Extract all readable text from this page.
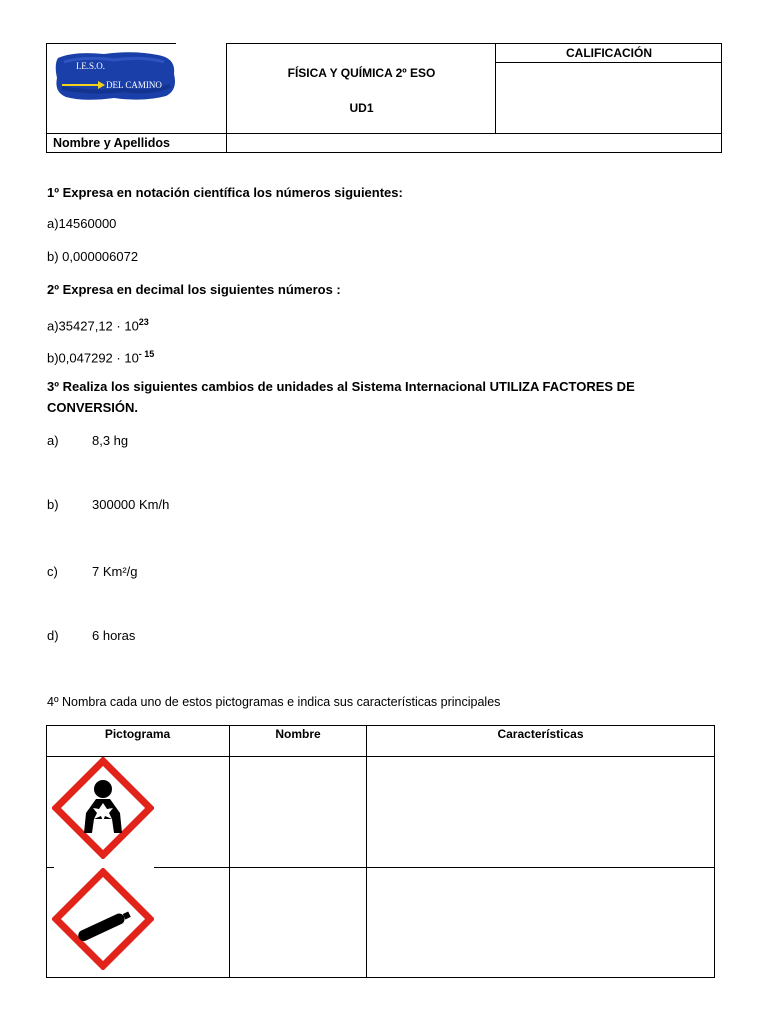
I.E.S.O.
DEL CAMINO
FÍSICA Y QUÍMICA 2º ESO
UD1
CALIFICACIÓN
Nombre y Apellidos
1º Expresa en notación científica los números siguientes:
a)14560000
b) 0,000006072
2º Expresa en decimal los siguientes números :
$a)35427,12 \cdot 10^{23}$
$b)0,047292 \cdot 10^{- 15}$
3º Realiza los siguientes cambios de unidades al Sistema Internacional UTILIZA FACTORES DE
CONVERSIÓN.
a)	8,3 hg
b)	300000 Km/h
c)	7 Km²/g
d)	6 horas
4º Nombra cada uno de estos pictogramas e indica sus características principales
Pictograma	Nombre	Características
